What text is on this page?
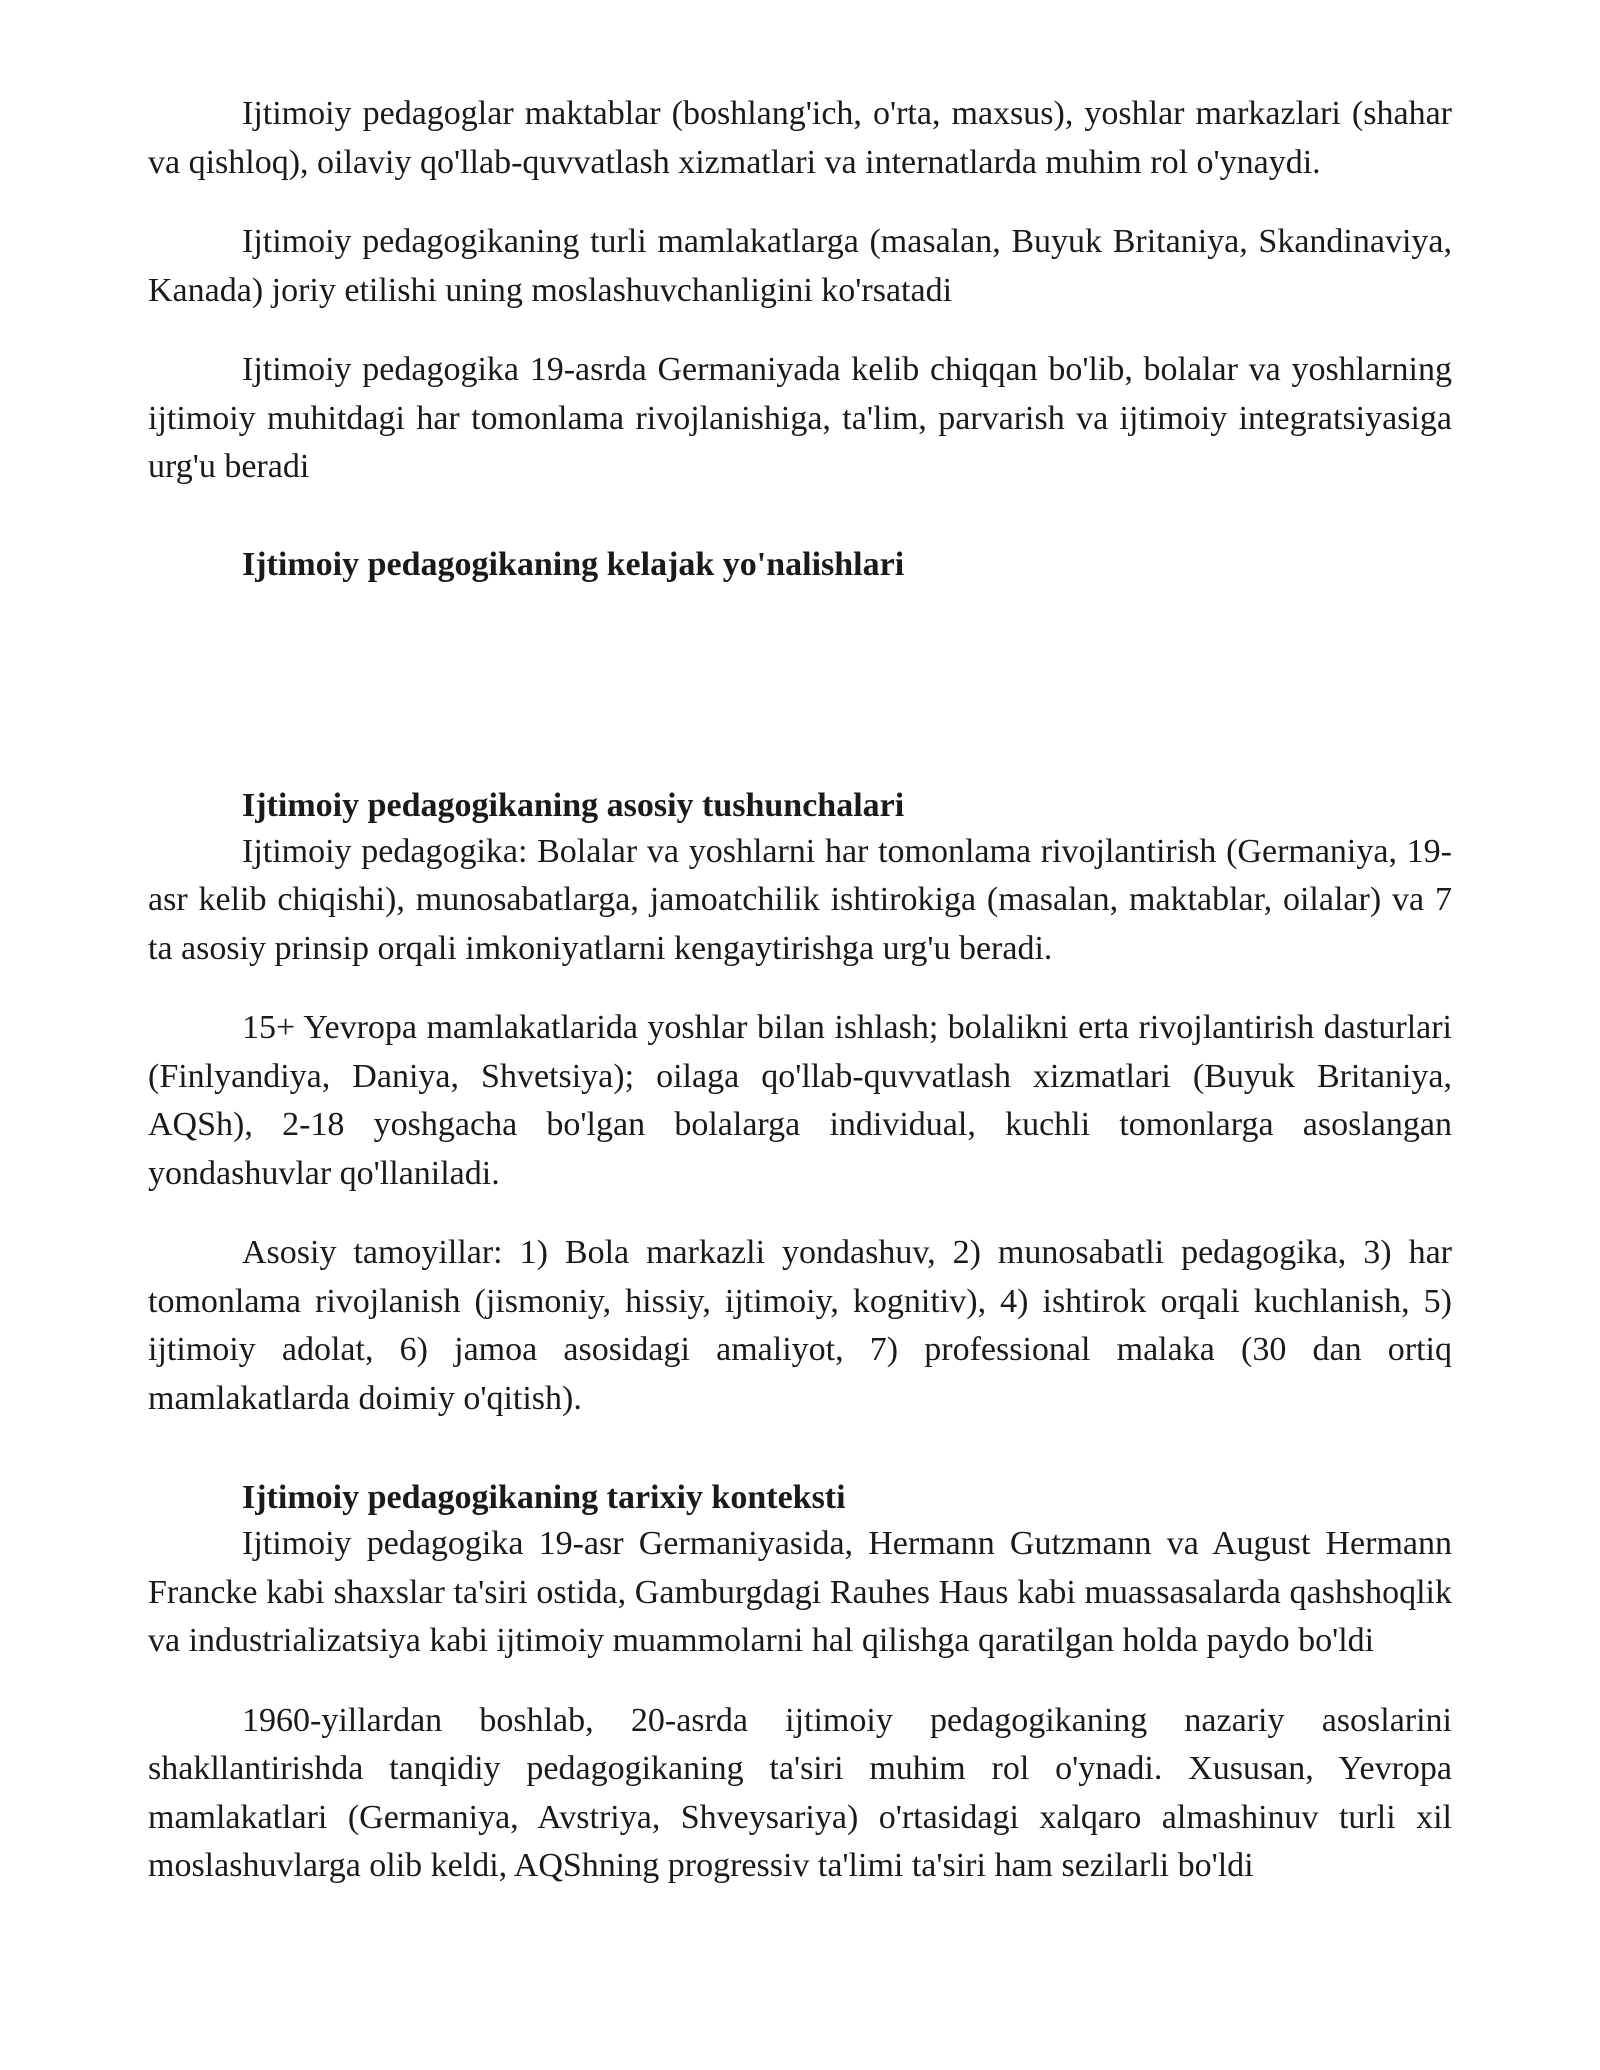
Ijtimoiy pedagoglar maktablar (boshlang'ich, o'rta, maxsus), yoshlar markazlari (shahar va qishloq), oilaviy qo'llab-quvvatlash xizmatlari va internatlarda muhim rol o'ynaydi.

Ijtimoiy pedagogikaning turli mamlakatlarga (masalan, Buyuk Britaniya, Skandinaviya, Kanada) joriy etilishi uning moslashuvchanligini ko'rsatadi

Ijtimoiy pedagogika 19-asrda Germaniyada kelib chiqqan bo'lib, bolalar va yoshlarning ijtimoiy muhitdagi har tomonlama rivojlanishiga, ta'lim, parvarish va ijtimoiy integratsiyasiga urg'u beradi

Ijtimoiy pedagogikaning kelajak yo'nalishlari
Ijtimoiy pedagogikaning asosiy tushunchalari

Ijtimoiy pedagogika: Bolalar va yoshlarni har tomonlama rivojlantirish (Germaniya, 19-asr kelib chiqishi), munosabatlarga, jamoatchilik ishtirokiga (masalan, maktablar, oilalar) va 7 ta asosiy prinsip orqali imkoniyatlarni kengaytirishga urg'u beradi.

15+ Yevropa mamlakatlarida yoshlar bilan ishlash; bolalikni erta rivojlantirish dasturlari (Finlyandiya, Daniya, Shvetsiya); oilaga qo'llab-quvvatlash xizmatlari (Buyuk Britaniya, AQSh), 2-18 yoshgacha bo'lgan bolalarga individual, kuchli tomonlarga asoslangan yondashuvlar qo'llaniladi.

Asosiy tamoyillar: 1) Bola markazli yondashuv, 2) munosabatli pedagogika, 3) har tomonlama rivojlanish (jismoniy, hissiy, ijtimoiy, kognitiv), 4) ishtirok orqali kuchlanish, 5) ijtimoiy adolat, 6) jamoa asosidagi amaliyot, 7) professional malaka (30 dan ortiq mamlakatlarda doimiy o'qitish).

Ijtimoiy pedagogikaning tarixiy konteksti

Ijtimoiy pedagogika 19-asr Germaniyasida, Hermann Gutzmann va August Hermann Francke kabi shaxslar ta'siri ostida, Gamburgdagi Rauhes Haus kabi muassasalarda qashshoqlik va industrializatsiya kabi ijtimoiy muammolarni hal qilishga qaratilgan holda paydo bo'ldi

1960-yillardan boshlab, 20-asrda ijtimoiy pedagogikaning nazariy asoslarini shakllantirishda tanqidiy pedagogikaning ta'siri muhim rol o'ynadi. Xususan, Yevropa mamlakatlari (Germaniya, Avstriya, Shveysariya) o'rtasidagi xalqaro almashinuv turli xil moslashuvlarga olib keldi, AQShning progressiv ta'limi ta'siri ham sezilarli bo'ldi
